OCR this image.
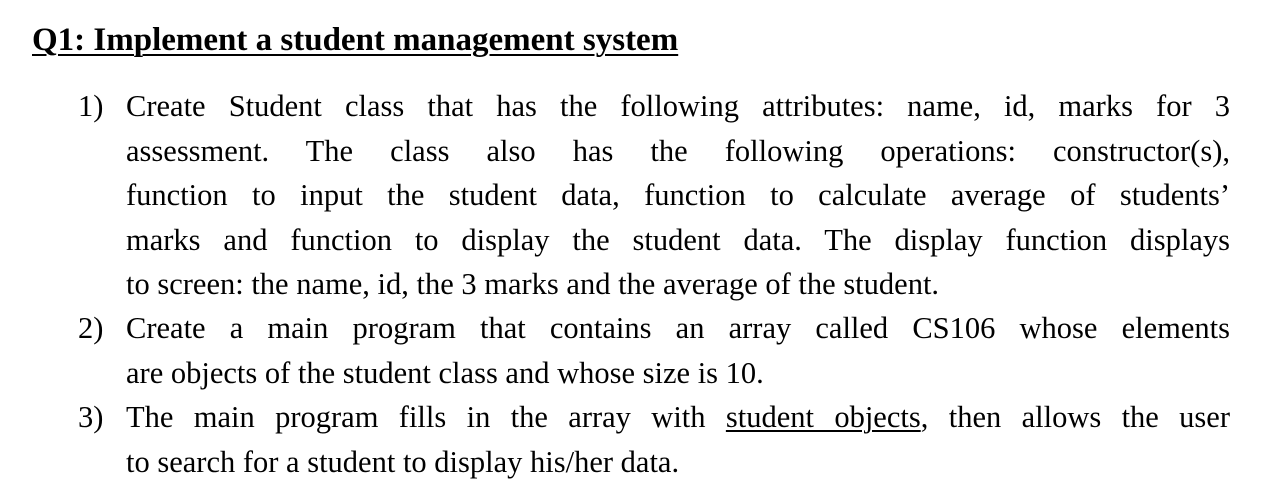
Q1: Implement a student management system
1) Create Student class that has the following attributes: name, id, marks for 3
assessment. The class also has the following operations: constructor(s),
function to input the student data, function to calculate average of students’
marks and function to display the student data. The display function displays
to screen: the name, id, the 3 marks and the average of the student.
2) Create a main program that contains an array called CS106 whose elements
are objects of the student class and whose size is 10.
3) The main program fills in the array with student objects, then allows the user
to search for a student to display his/her data.
